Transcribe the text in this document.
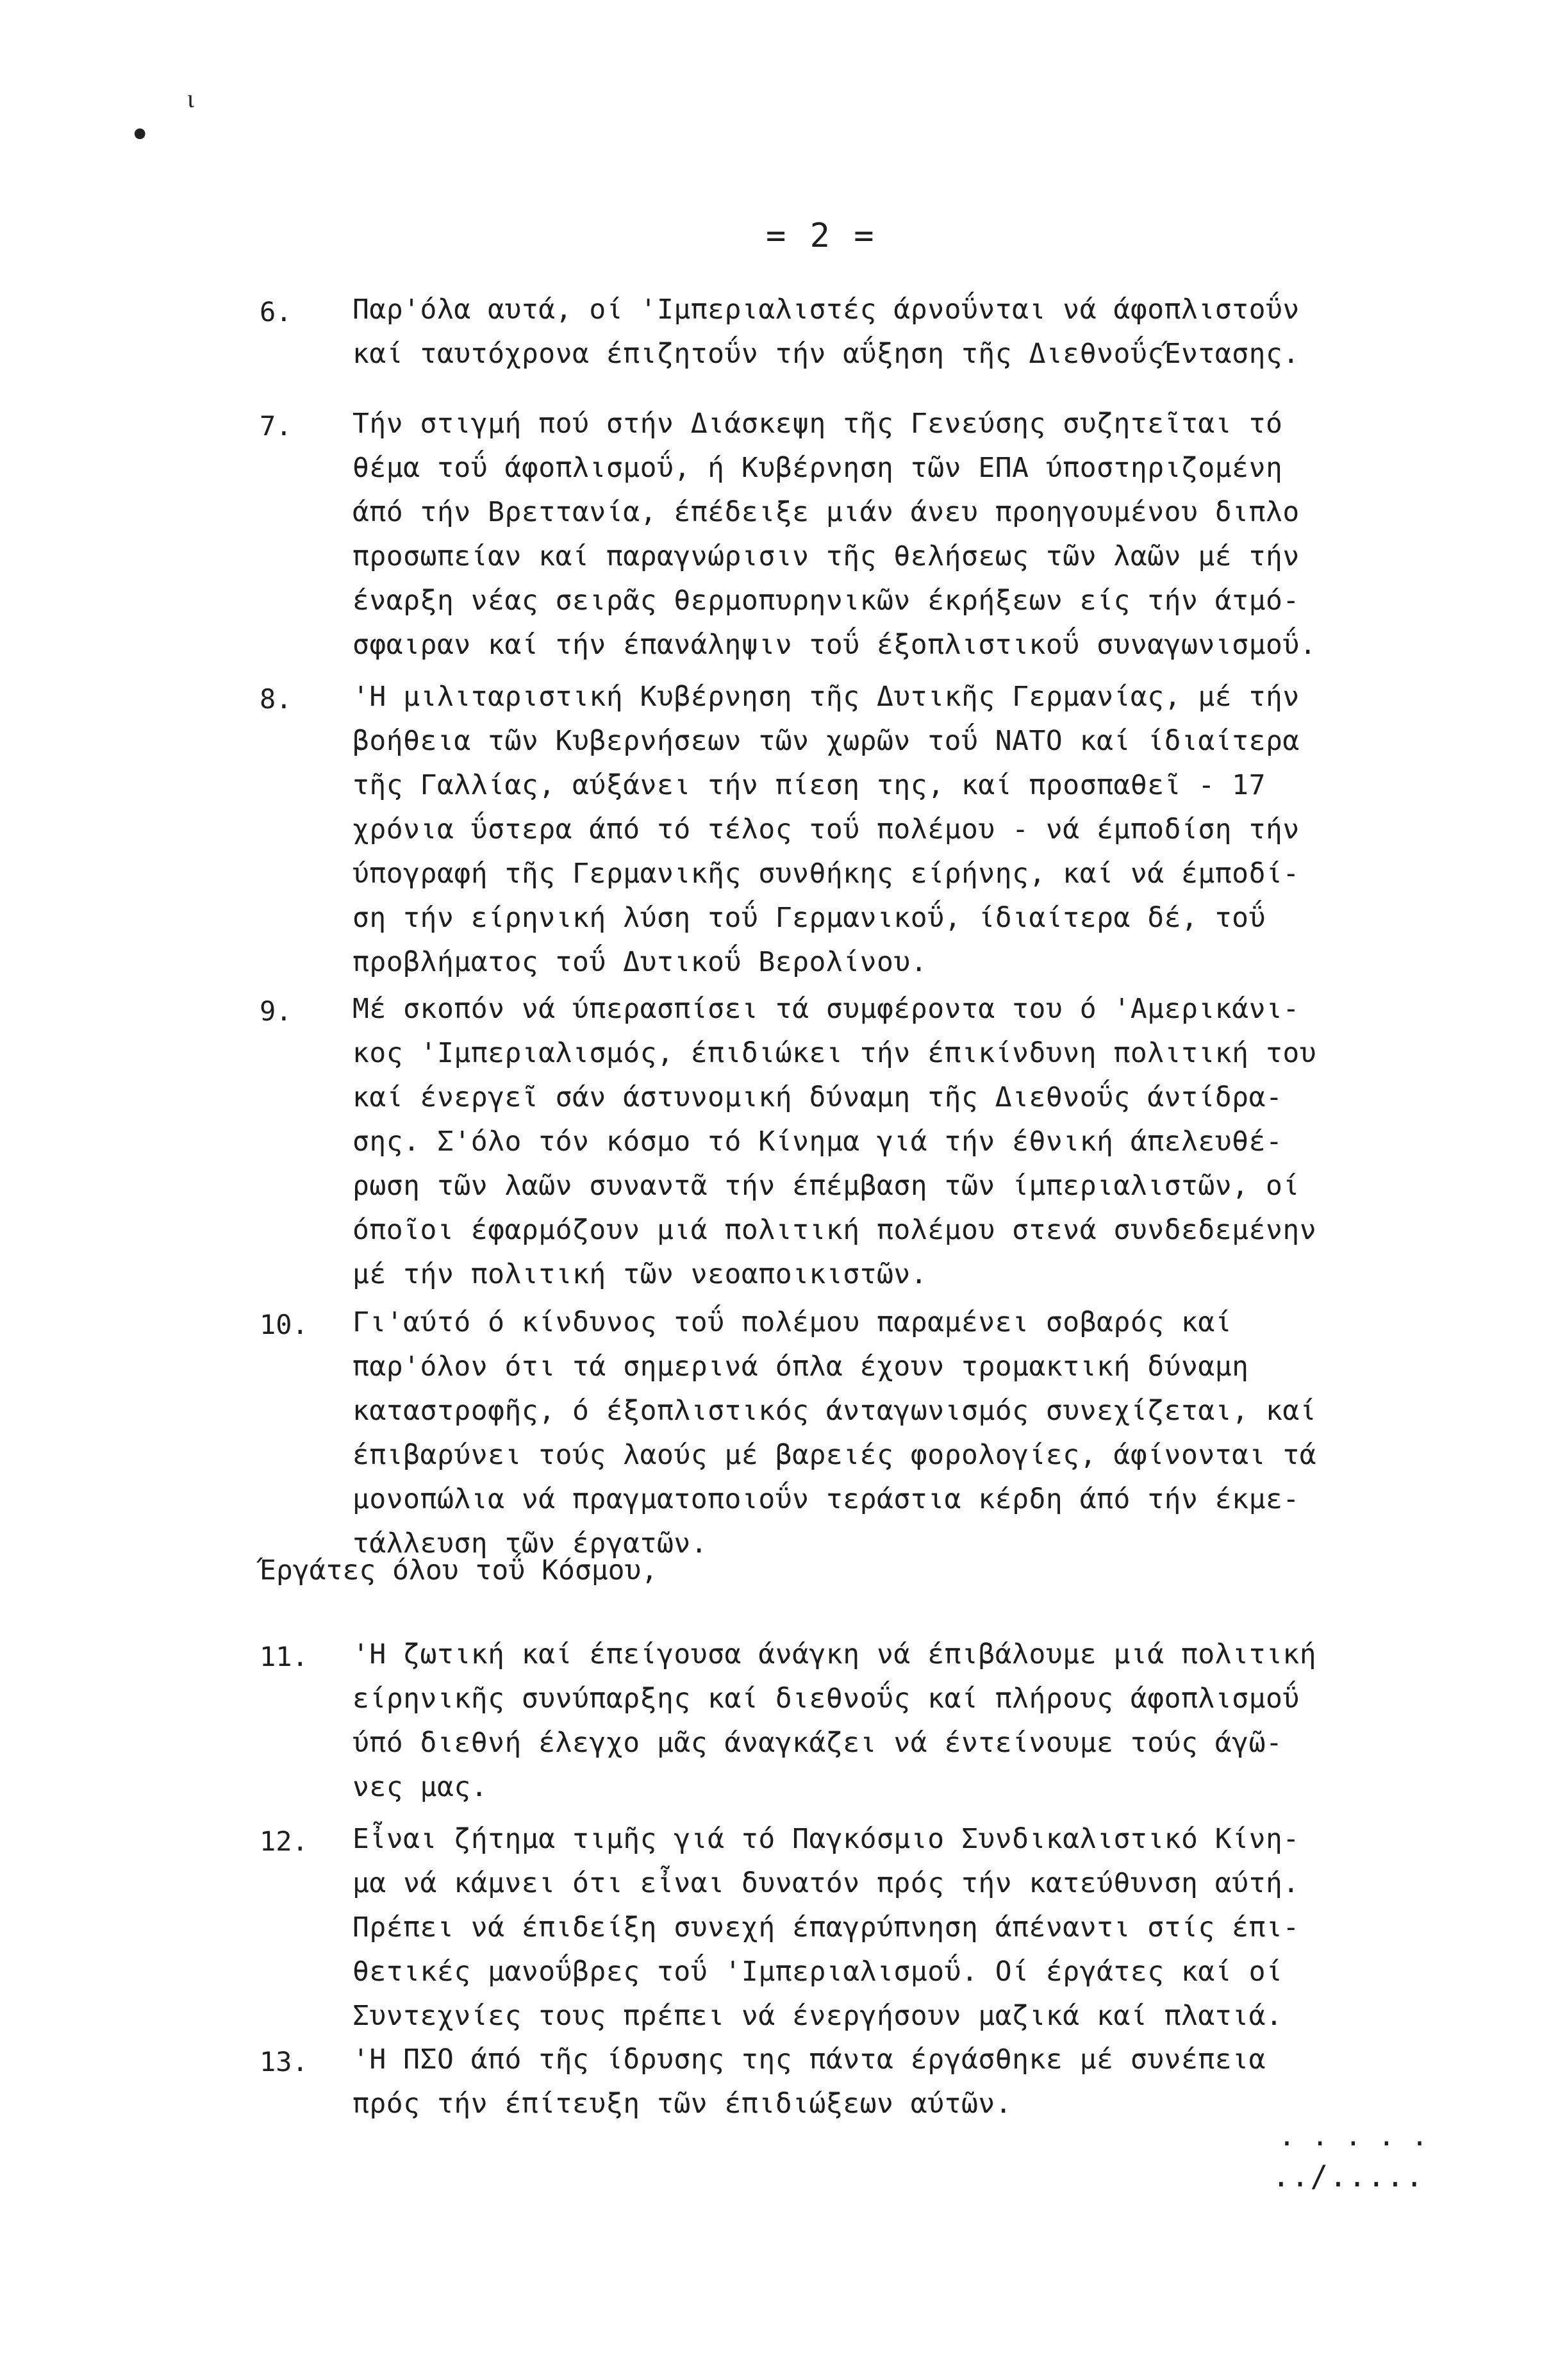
ι
•
= 2 =
6. Παρ'όλα αυτά, οί 'Ιμπεριαλιστές άρνοΰνται νά άφοπλιστοΰν
καί ταυτόχρονα έπιζητοΰν τήν αΰξηση τῆς ΔιεθνοΰςΈντασης.
7. Τήν στιγμή πού στήν Διάσκεψη τῆς Γενεύσης συζητεῖται τό
θέμα τοΰ άφοπλισμοΰ, ή Κυβέρνηση τῶν ΕΠΑ ύποστηριζομένη
άπό τήν Βρεττανία, έπέδειξε μιάν άνευ προηγουμένου διπλο
προσωπείαν καί παραγνώρισιν τῆς θελήσεως τῶν λαῶν μέ τήν
έναρξη νέας σειρᾶς θερμοπυρηνικῶν έκρήξεων είς τήν άτμό-
σφαιραν καί τήν έπανάληψιν τοΰ έξοπλιστικοΰ συναγωνισμοΰ.
8. 'Η μιλιταριστική Κυβέρνηση τῆς Δυτικῆς Γερμανίας, μέ τήν
βοήθεια τῶν Κυβερνήσεων τῶν χωρῶν τοΰ ΝΑΤΟ καί ίδιαίτερα
τῆς Γαλλίας, αύξάνει τήν πίεση της, καί προσπαθεῖ - 17
χρόνια ΰστερα άπό τό τέλος τοΰ πολέμου - νά έμποδίση τήν
ύπογραφή τῆς Γερμανικῆς συνθήκης είρήνης, καί νά έμποδί-
ση τήν είρηνική λύση τοΰ Γερμανικοΰ, ίδιαίτερα δέ, τοΰ
προβλήματος τοΰ Δυτικοΰ Βερολίνου.
9. Μέ σκοπόν νά ύπερασπίσει τά συμφέροντα του ό 'Αμερικάνι-
κος 'Ιμπεριαλισμός, έπιδιώκει τήν έπικίνδυνη πολιτική του
καί ένεργεῖ σάν άστυνομική δύναμη τῆς Διεθνοΰς άντίδρα-
σης. Σ'όλο τόν κόσμο τό Κίνημα γιά τήν έθνική άπελευθέ-
ρωση τῶν λαῶν συναντᾶ τήν έπέμβαση τῶν ίμπεριαλιστῶν, οί
όποῖοι έφαρμόζουν μιά πολιτική πολέμου στενά συνδεδεμένην
μέ τήν πολιτική τῶν νεοαποικιστῶν.
10. Γι'αύτό ό κίνδυνος τοΰ πολέμου παραμένει σοβαρός καί
παρ'όλον ότι τά σημερινά όπλα έχουν τρομακτική δύναμη
καταστροφῆς, ό έξοπλιστικός άνταγωνισμός συνεχίζεται, καί
έπιβαρύνει τούς λαούς μέ βαρειές φορολογίες, άφίνονται τά
μονοπώλια νά πραγματοποιοΰν τεράστια κέρδη άπό τήν έκμε-
τάλλευση τῶν έργατῶν.
Έργάτες όλου τοΰ Κόσμου,
11. 'Η ζωτική καί έπείγουσα άνάγκη νά έπιβάλουμε μιά πολιτική
είρηνικῆς συνύπαρξης καί διεθνοΰς καί πλήρους άφοπλισμοΰ
ύπό διεθνή έλεγχο μᾶς άναγκάζει νά έντείνουμε τούς άγῶ-
νες μας.
12. Εἶναι ζήτημα τιμῆς γιά τό Παγκόσμιο Συνδικαλιστικό Κίνη-
μα νά κάμνει ότι εἶναι δυνατόν πρός τήν κατεύθυνση αύτή.
Πρέπει νά έπιδείξη συνεχή έπαγρύπνηση άπέναντι στίς έπι-
θετικές μανοΰβρες τοΰ 'Ιμπεριαλισμοΰ. Οί έργάτες καί οί
Συντεχνίες τους πρέπει νά ένεργήσουν μαζικά καί πλατιά.
13. 'Η ΠΣΟ άπό τῆς ίδρυσης της πάντα έργάσθηκε μέ συνέπεια
πρός τήν έπίτευξη τῶν έπιδιώξεων αύτῶν.
. . . . .
../.....
